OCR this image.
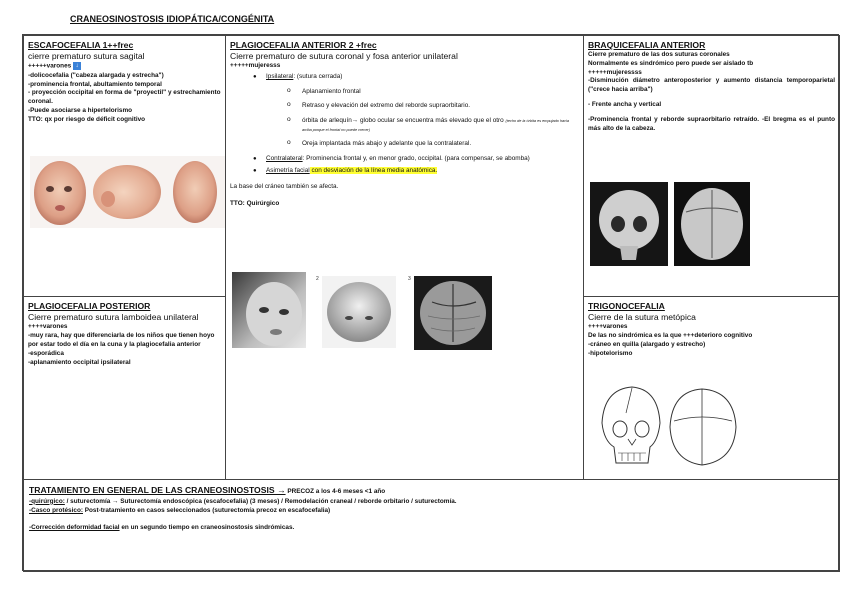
CRANEOSINOSTOSIS IDIOPÁTICA/CONGÉNITA
ESCAFOCEFALIA 1++frec
cierre prematuro sutura sagital

+++++varones ↓

-dolicocefalia ("cabeza alargada y estrecha")

-prominencia frontal, abultamiento temporal

- proyección occipital en forma de "proyectil" y estrechamiento coronal.

-Puede asociarse a hipertelorismo

TTO: qx por riesgo de déficit cognitivo

PLAGIOCEFALIA ANTERIOR 2 +frec
Cierre prematuro de sutura coronal y fosa anterior unilateral

+++++mujeresss

● Ipsilateral: (sutura cerrada)
o Aplanamiento frontal
o Retraso y elevación del extremo del reborde supraorbitario.
o órbita de arlequín→ globo ocular se encuentra más elevado que el otro (techo de la órbita es empujado hacia arriba porque el frontal no puede crecer)
o Oreja implantada más abajo y adelante que la contralateral.
● Contralateral: Prominencia frontal y, en menor grado, occipital. (para compensar, se abomba)
● Asimetría facial con desviación de la línea media anatómica.

La base del cráneo también se afecta.

TTO: Quirúrgico

2	3
BRAQUICEFALIA ANTERIOR

Cierre prematuro de las dos suturas coronales

Normalmente es sindrómico pero puede ser aislado tb

+++++mujeressss

-Disminución diámetro anteroposterior y aumento distancia temporoparietal ("crece hacia arriba")

- Frente ancha y vertical

-Prominencia frontal y reborde supraorbitario retraído. -El bregma es el punto más alto de la cabeza.

PLAGIOCEFALIA POSTERIOR
Cierre prematuro sutura lamboidea unilateral

++++varones

-muy rara, hay que diferenciarla de los niños que tienen hoyo por estar todo el día en la cuna y la plagiocefalia anterior

-esporádica

-aplanamiento occipital ipsilateral

TRIGONOCEFALIA
Cierre de la sutura metópica

++++varones

De las no sindrómica es la que +++deterioro cognitivo

-cráneo en quilla (alargado y estrecho)

-hipotelorismo

TRATAMIENTO EN GENERAL DE LAS CRANEOSINOSTOSIS → PRECOZ a los 4-6 meses <1 año

-quirúrgico: / suturectomía → Suturectomía endoscópica (escafocefalia) (3 meses) / Remodelación craneal / reborde orbitario / suturectomía.

-Casco protésico: Post-tratamiento en casos seleccionados (suturectomía precoz en escafocefalia)

-Corrección deformidad facial en un segundo tiempo en craneosinostosis sindrómicas.
